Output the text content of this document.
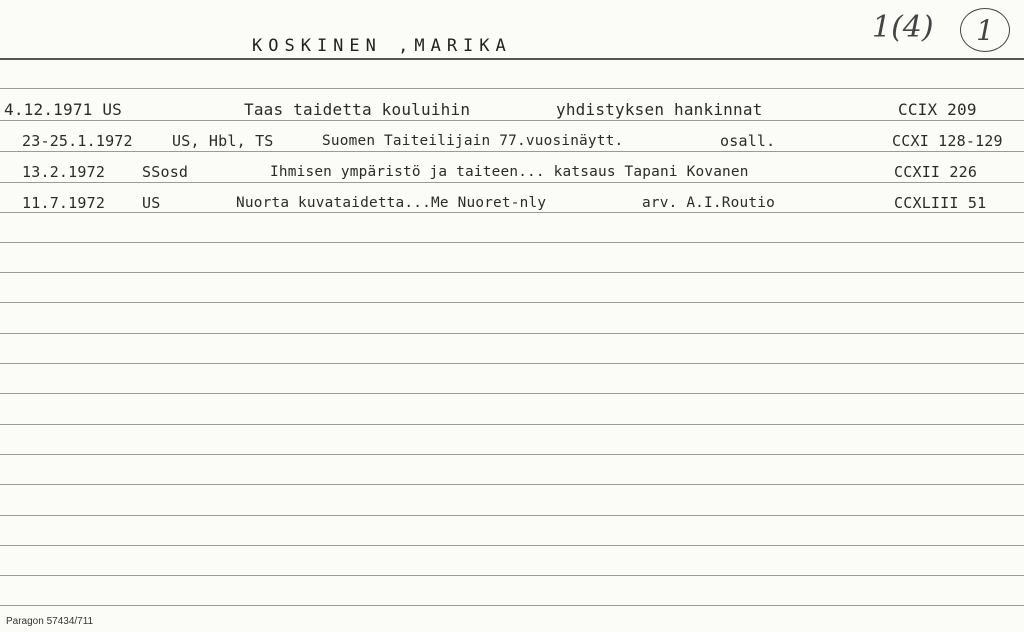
1(4) 1
KOSKINEN ,MARIKA
4.12.1971 US	Taas taidetta kouluihin	yhdistyksen hankinnat	CCIX 209
23-25.1.1972	US, Hbl, TS	Suomen Taiteilijain 77.vuosinäytt.	osall.	CCXI 128-129
13.2.1972 SSosd	Ihmisen ympäristö ja taiteen... katsaus Tapani Kovanen	CCXII 226
11.7.1972 US	Nuorta kuvataidetta...Me Nuoret-nly	arv. A.I.Routio	CCXLIII 51
Paragon 57434/711
